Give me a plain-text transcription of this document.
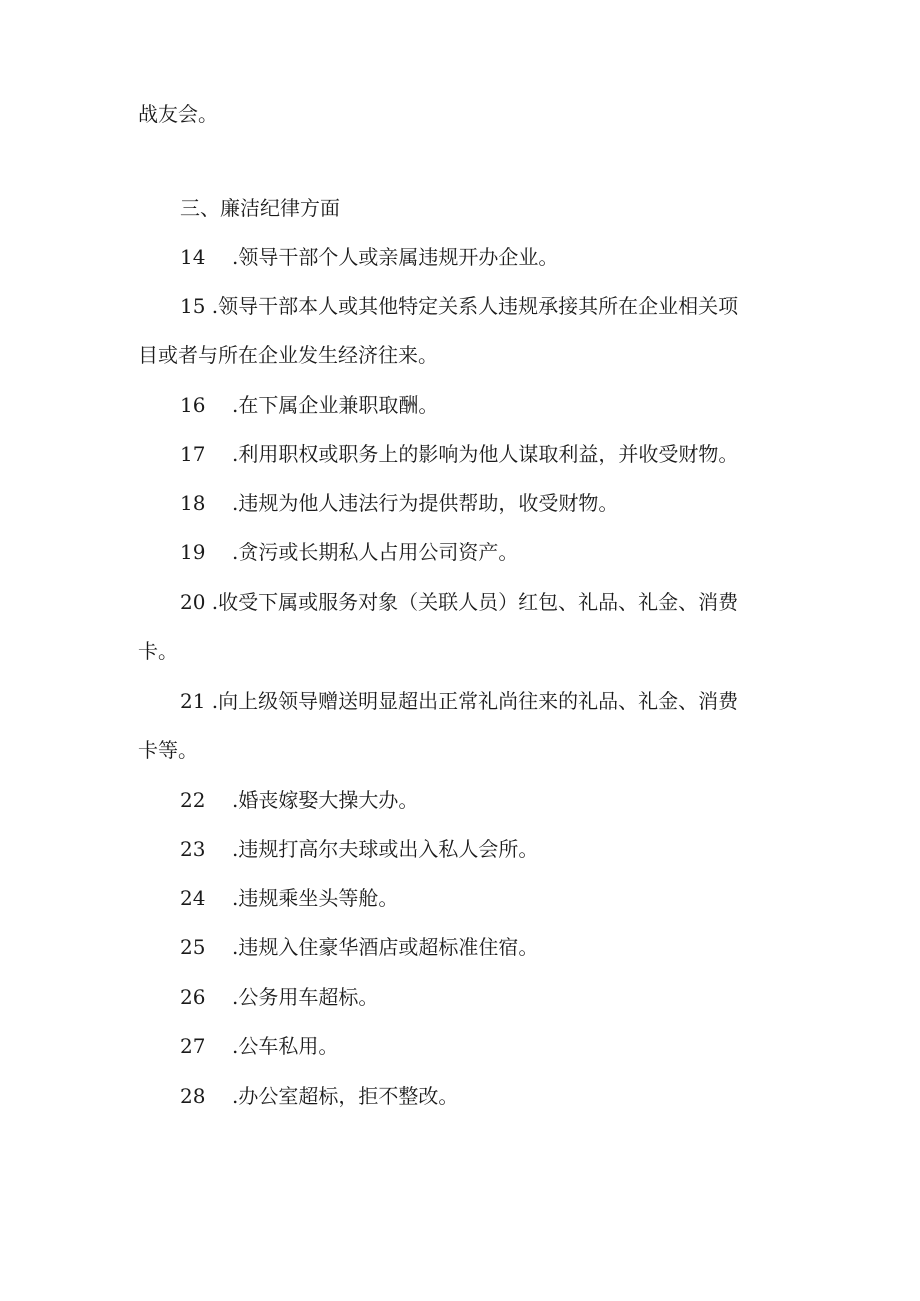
战友会。
三、廉洁纪律方面
14 .领导干部个人或亲属违规开办企业。
15 .领导干部本人或其他特定关系人违规承接其所在企业相关项
目或者与所在企业发生经济往来。
16 .在下属企业兼职取酬。
17 .利用职权或职务上的影响为他人谋取利益，并收受财物。
18 .违规为他人违法行为提供帮助，收受财物。
19 .贪污或长期私人占用公司资产。
20 .收受下属或服务对象（关联人员）红包、礼品、礼金、消费
卡。
21 .向上级领导赠送明显超出正常礼尚往来的礼品、礼金、消费
卡等。
22 .婚丧嫁娶大操大办。
23 .违规打高尔夫球或出入私人会所。
24 .违规乘坐头等舱。
25 .违规入住豪华酒店或超标准住宿。
26 .公务用车超标。
27 .公车私用。
28 .办公室超标，拒不整改。
